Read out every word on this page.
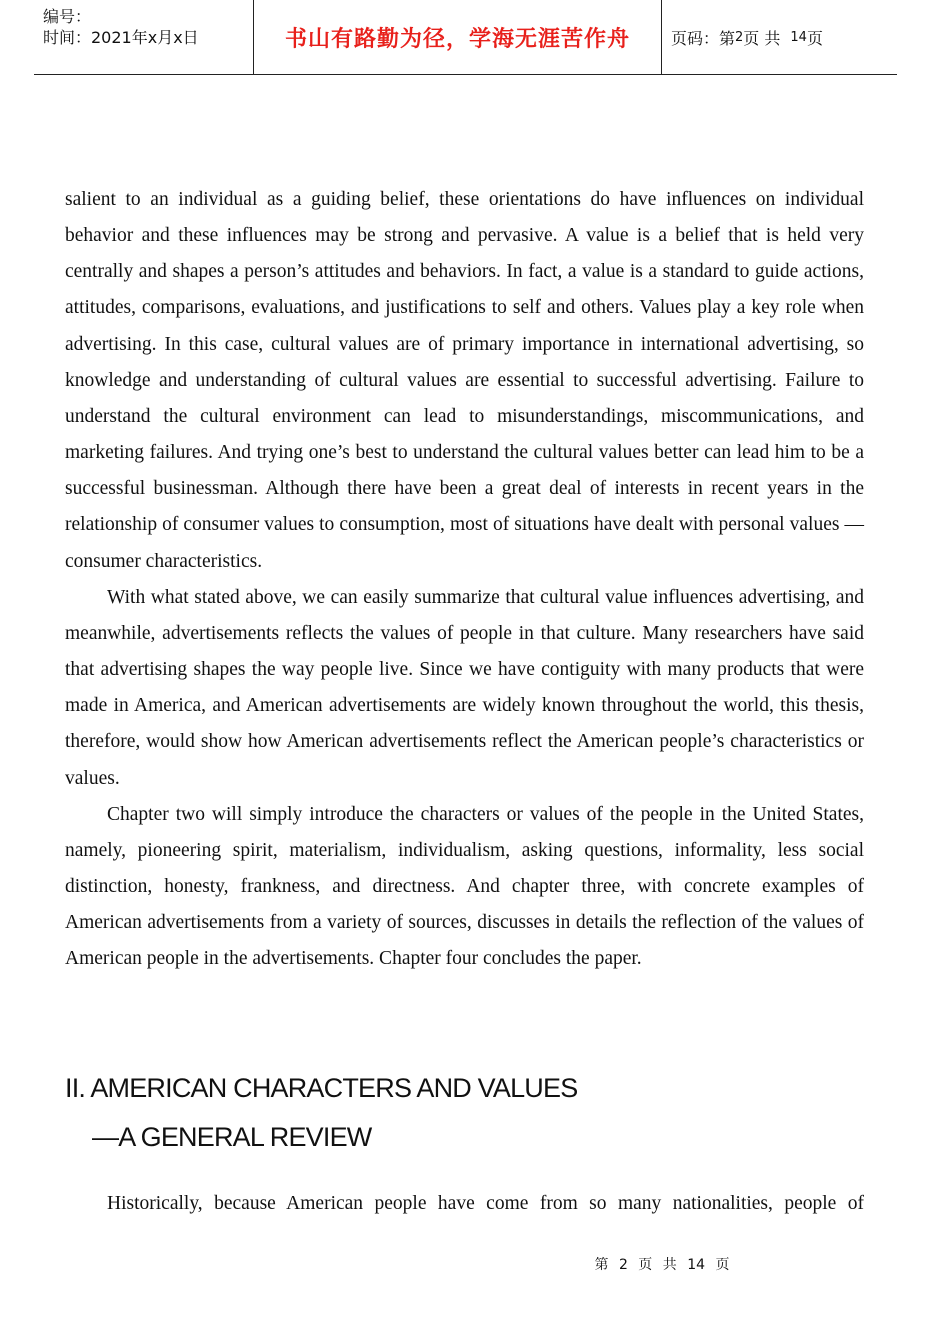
编号：
时间：2021年x月x日	书山有路勤为径，学海无涯苦作舟	页码：第 2 页 共 14 页

salient to an individual as a guiding belief, these orientations do have influences on individual behavior and these influences may be strong and pervasive. A value is a belief that is held very centrally and shapes a person’s attitudes and behaviors. In fact, a value is a standard to guide actions, attitudes, comparisons, evaluations, and justifications to self and others. Values play a key role when advertising. In this case, cultural values are of primary importance in international advertising, so knowledge and understanding of cultural values are essential to successful advertising. Failure to understand the cultural environment can lead to misunderstandings, miscommunications, and marketing failures. And trying one’s best to understand the cultural values better can lead him to be a successful businessman. Although there have been a great deal of interests in recent years in the relationship of consumer values to consumption, most of situations have dealt with personal values — consumer characteristics.

With what stated above, we can easily summarize that cultural value influences advertising, and meanwhile, advertisements reflects the values of people in that culture. Many researchers have said that advertising shapes the way people live. Since we have contiguity with many products that were made in America, and American advertisements are widely known throughout the world, this thesis, therefore, would show how American advertisements reflect the American people’s characteristics or values.

Chapter two will simply introduce the characters or values of the people in the United States, namely, pioneering spirit, materialism, individualism, asking questions, informality, less social distinction, honesty, frankness, and directness. And chapter three, with concrete examples of American advertisements from a variety of sources, discusses in details the reflection of the values of American people in the advertisements. Chapter four concludes the paper.

II. AMERICAN CHARACTERS AND VALUES
—A GENERAL REVIEW

Historically, because American people have come from so many nationalities, people of

第 2 页 共 14 页
